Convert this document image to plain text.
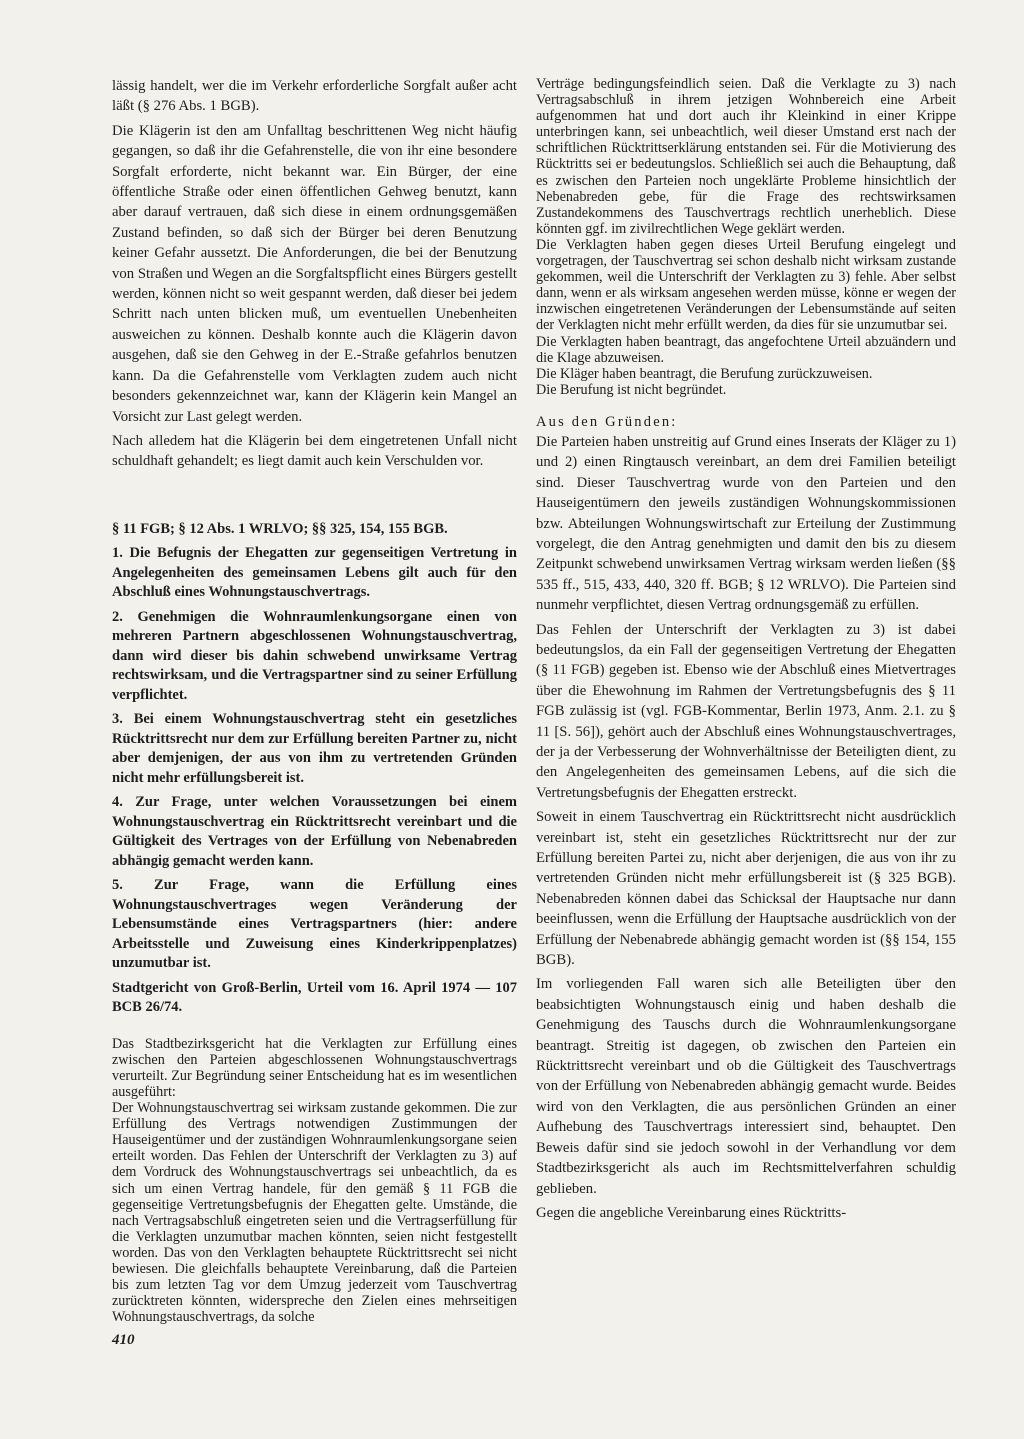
lässig handelt, wer die im Verkehr erforderliche Sorgfalt außer acht läßt (§ 276 Abs. 1 BGB).

Die Klägerin ist den am Unfalltag beschrittenen Weg nicht häufig gegangen, so daß ihr die Gefahrenstelle, die von ihr eine besondere Sorgfalt erforderte, nicht bekannt war. Ein Bürger, der eine öffentliche Straße oder einen öffentlichen Gehweg benutzt, kann aber darauf vertrauen, daß sich diese in einem ordnungsgemäßen Zustand befinden, so daß sich der Bürger bei deren Benutzung keiner Gefahr aussetzt. Die Anforderungen, die bei der Benutzung von Straßen und Wegen an die Sorgfaltspflicht eines Bürgers gestellt werden, können nicht so weit gespannt werden, daß dieser bei jedem Schritt nach unten blicken muß, um eventuellen Unebenheiten ausweichen zu können. Deshalb konnte auch die Klägerin davon ausgehen, daß sie den Gehweg in der E.-Straße gefahrlos benutzen kann. Da die Gefahrenstelle vom Verklagten zudem auch nicht besonders gekennzeichnet war, kann der Klägerin kein Mangel an Vorsicht zur Last gelegt werden.

Nach alledem hat die Klägerin bei dem eingetretenen Unfall nicht schuldhaft gehandelt; es liegt damit auch kein Verschulden vor.

§ 11 FGB; § 12 Abs. 1 WRLVO; §§ 325, 154, 155 BGB.

1. Die Befugnis der Ehegatten zur gegenseitigen Vertretung in Angelegenheiten des gemeinsamen Lebens gilt auch für den Abschluß eines Wohnungstauschvertrags.

2. Genehmigen die Wohnraumlenkungsorgane einen von mehreren Partnern abgeschlossenen Wohnungstauschvertrag, dann wird dieser bis dahin schwebend unwirksame Vertrag rechtswirksam, und die Vertragspartner sind zu seiner Erfüllung verpflichtet.

3. Bei einem Wohnungstauschvertrag steht ein gesetzliches Rücktrittsrecht nur dem zur Erfüllung bereiten Partner zu, nicht aber demjenigen, der aus von ihm zu vertretenden Gründen nicht mehr erfüllungsbereit ist.

4. Zur Frage, unter welchen Voraussetzungen bei einem Wohnungstauschvertrag ein Rücktrittsrecht vereinbart und die Gültigkeit des Vertrages von der Erfüllung von Nebenabreden abhängig gemacht werden kann.

5. Zur Frage, wann die Erfüllung eines Wohnungstauschvertrages wegen Veränderung der Lebensumstände eines Vertragspartners (hier: andere Arbeitsstelle und Zuweisung eines Kinderkrippenplatzes) unzumutbar ist.

Stadtgericht von Groß-Berlin, Urteil vom 16. April 1974 — 107 BCB 26/74.

Das Stadtbezirksgericht hat die Verklagten zur Erfüllung eines zwischen den Parteien abgeschlossenen Wohnungstauschvertrags verurteilt. Zur Begründung seiner Entscheidung hat es im wesentlichen ausgeführt:

Der Wohnungstauschvertrag sei wirksam zustande gekommen. Die zur Erfüllung des Vertrags notwendigen Zustimmungen der Hauseigentümer und der zuständigen Wohnraumlenkungsorgane seien erteilt worden. Das Fehlen der Unterschrift der Verklagten zu 3) auf dem Vordruck des Wohnungstauschvertrags sei unbeachtlich, da es sich um einen Vertrag handele, für den gemäß § 11 FGB die gegenseitige Vertretungsbefugnis der Ehegatten gelte. Umstände, die nach Vertragsabschluß eingetreten seien und die Vertragserfüllung für die Verklagten unzumutbar machen könnten, seien nicht festgestellt worden. Das von den Verklagten behauptete Rücktrittsrecht sei nicht bewiesen. Die gleichfalls behauptete Vereinbarung, daß die Parteien bis zum letzten Tag vor dem Umzug jederzeit vom Tauschvertrag zurücktreten könnten, widerspreche den Zielen eines mehrseitigen Wohnungstauschvertrags, da solche

Verträge bedingungsfeindlich seien. Daß die Verklagte zu 3) nach Vertragsabschluß in ihrem jetzigen Wohnbereich eine Arbeit aufgenommen hat und dort auch ihr Kleinkind in einer Krippe unterbringen kann, sei unbeachtlich, weil dieser Umstand erst nach der schriftlichen Rücktrittserklärung entstanden sei. Für die Motivierung des Rücktritts sei er bedeutungslos. Schließlich sei auch die Behauptung, daß es zwischen den Parteien noch ungeklärte Probleme hinsichtlich der Nebenabreden gebe, für die Frage des rechtswirksamen Zustandekommens des Tauschvertrags rechtlich unerheblich. Diese könnten ggf. im zivilrechtlichen Wege geklärt werden.

Die Verklagten haben gegen dieses Urteil Berufung eingelegt und vorgetragen, der Tauschvertrag sei schon deshalb nicht wirksam zustande gekommen, weil die Unterschrift der Verklagten zu 3) fehle. Aber selbst dann, wenn er als wirksam angesehen werden müsse, könne er wegen der inzwischen eingetretenen Veränderungen der Lebensumstände auf seiten der Verklagten nicht mehr erfüllt werden, da dies für sie unzumutbar sei.

Die Verklagten haben beantragt, das angefochtene Urteil abzuändern und die Klage abzuweisen.

Die Kläger haben beantragt, die Berufung zurückzuweisen.

Die Berufung ist nicht begründet.

Aus den Gründen:

Die Parteien haben unstreitig auf Grund eines Inserats der Kläger zu 1) und 2) einen Ringtausch vereinbart, an dem drei Familien beteiligt sind. Dieser Tauschvertrag wurde von den Parteien und den Hauseigentümern den jeweils zuständigen Wohnungskommissionen bzw. Abteilungen Wohnungswirtschaft zur Erteilung der Zustimmung vorgelegt, die den Antrag genehmigten und damit den bis zu diesem Zeitpunkt schwebend unwirksamen Vertrag wirksam werden ließen (§§ 535 ff., 515, 433, 440, 320 ff. BGB; § 12 WRLVO). Die Parteien sind nunmehr verpflichtet, diesen Vertrag ordnungsgemäß zu erfüllen.

Das Fehlen der Unterschrift der Verklagten zu 3) ist dabei bedeutungslos, da ein Fall der gegenseitigen Vertretung der Ehegatten (§ 11 FGB) gegeben ist. Ebenso wie der Abschluß eines Mietvertrages über die Ehewohnung im Rahmen der Vertretungsbefugnis des § 11 FGB zulässig ist (vgl. FGB-Kommentar, Berlin 1973, Anm. 2.1. zu § 11 [S. 56]), gehört auch der Abschluß eines Wohnungstauschvertrages, der ja der Verbesserung der Wohnverhältnisse der Beteiligten dient, zu den Angelegenheiten des gemeinsamen Lebens, auf die sich die Vertretungsbefugnis der Ehegatten erstreckt.

Soweit in einem Tauschvertrag ein Rücktrittsrecht nicht ausdrücklich vereinbart ist, steht ein gesetzliches Rücktrittsrecht nur der zur Erfüllung bereiten Partei zu, nicht aber derjenigen, die aus von ihr zu vertretenden Gründen nicht mehr erfüllungsbereit ist (§ 325 BGB). Nebenabreden können dabei das Schicksal der Hauptsache nur dann beeinflussen, wenn die Erfüllung der Hauptsache ausdrücklich von der Erfüllung der Nebenabrede abhängig gemacht worden ist (§§ 154, 155 BGB).

Im vorliegenden Fall waren sich alle Beteiligten über den beabsichtigten Wohnungstausch einig und haben deshalb die Genehmigung des Tauschs durch die Wohnraumlenkungsorgane beantragt. Streitig ist dagegen, ob zwischen den Parteien ein Rücktrittsrecht vereinbart und ob die Gültigkeit des Tauschvertrags von der Erfüllung von Nebenabreden abhängig gemacht wurde. Beides wird von den Verklagten, die aus persönlichen Gründen an einer Aufhebung des Tauschvertrags interessiert sind, behauptet. Den Beweis dafür sind sie jedoch sowohl in der Verhandlung vor dem Stadtbezirksgericht als auch im Rechtsmittelverfahren schuldig geblieben.

Gegen die angebliche Vereinbarung eines Rücktritts-

410
